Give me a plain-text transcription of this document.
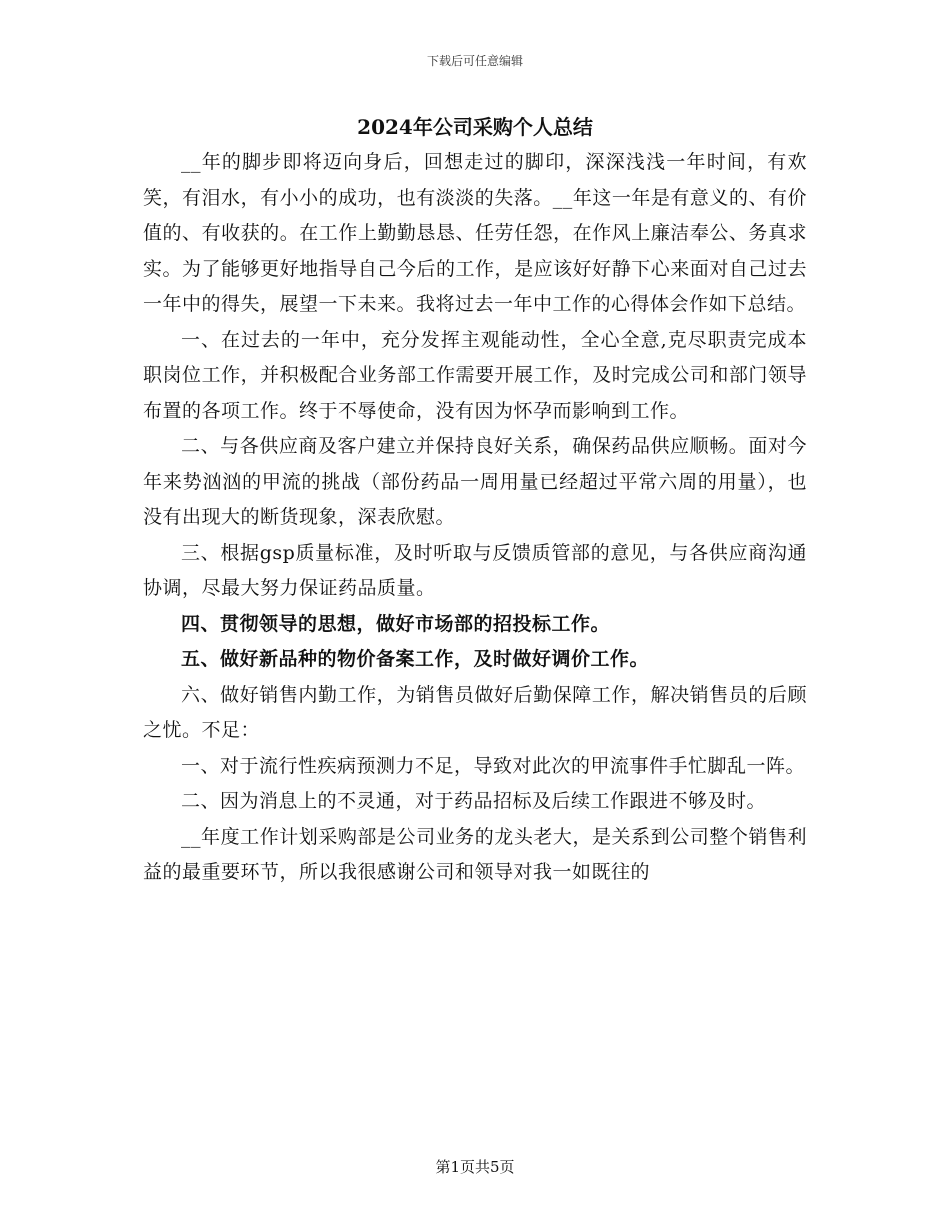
下载后可任意编辑
2024年公司采购个人总结

__年的脚步即将迈向身后，回想走过的脚印，深深浅浅一年时间，有欢笑，有泪水，有小小的成功，也有淡淡的失落。__年这一年是有意义的、有价值的、有收获的。在工作上勤勤恳恳、任劳任怨，在作风上廉洁奉公、务真求实。为了能够更好地指导自己今后的工作，是应该好好静下心来面对自己过去一年中的得失，展望一下未来。我将过去一年中工作的心得体会作如下总结。

一、在过去的一年中，充分发挥主观能动性，全心全意,克尽职责完成本职岗位工作，并积极配合业务部工作需要开展工作，及时完成公司和部门领导布置的各项工作。终于不辱使命，没有因为怀孕而影响到工作。

二、与各供应商及客户建立并保持良好关系，确保药品供应顺畅。面对今年来势汹汹的甲流的挑战（部份药品一周用量已经超过平常六周的用量），也没有出现大的断货现象，深表欣慰。

三、根据gsp质量标准，及时听取与反馈质管部的意见，与各供应商沟通协调，尽最大努力保证药品质量。

四、贯彻领导的思想，做好市场部的招投标工作。

五、做好新品种的物价备案工作，及时做好调价工作。

六、做好销售内勤工作，为销售员做好后勤保障工作，解决销售员的后顾之忧。不足：

一、对于流行性疾病预测力不足，导致对此次的甲流事件手忙脚乱一阵。

二、因为消息上的不灵通，对于药品招标及后续工作跟进不够及时。

__年度工作计划采购部是公司业务的龙头老大，是关系到公司整个销售利益的最重要环节，所以我很感谢公司和领导对我一如既往的

第1页共5页
